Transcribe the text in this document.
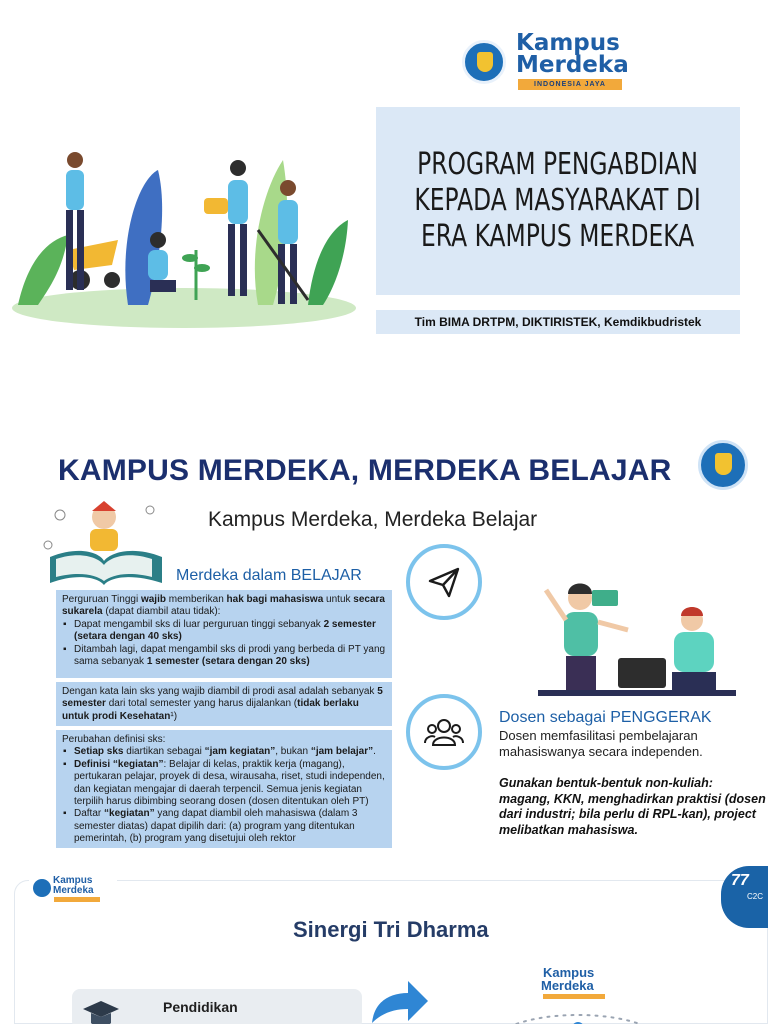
Kampus
Merdeka
INDONESIA JAYA
PROGRAM PENGABDIAN
KEPADA MASYARAKAT DI
ERA KAMPUS MERDEKA
Tim BIMA DRTPM, DIKTIRISTEK, Kemdikbudristek
KAMPUS MERDEKA, MERDEKA BELAJAR
Kampus Merdeka, Merdeka Belajar
Merdeka dalam BELAJAR
Perguruan Tinggi wajib memberikan hak bagi mahasiswa untuk secara sukarela (dapat diambil atau tidak):
▪ Dapat mengambil sks di luar perguruan tinggi sebanyak 2 semester (setara dengan 40 sks)
▪ Ditambah lagi, dapat mengambil sks di prodi yang berbeda di PT yang sama sebanyak 1 semester (setara dengan 20 sks)
Dengan kata lain sks yang wajib diambil di prodi asal adalah sebanyak 5 semester dari total semester yang harus dijalankan (tidak berlaku untuk prodi Kesehatan¹)
Perubahan definisi sks:
▪ Setiap sks diartikan sebagai “jam kegiatan”, bukan “jam belajar”.
▪ Definisi “kegiatan”: Belajar di kelas, praktik kerja (magang), pertukaran pelajar, proyek di desa, wirausaha, riset, studi independen, dan kegiatan mengajar di daerah terpencil. Semua jenis kegiatan terpilih harus dibimbing seorang dosen (dosen ditentukan oleh PT)
▪ Daftar “kegiatan” yang dapat diambil oleh mahasiswa (dalam 3 semester diatas) dapat dipilih dari: (a) program yang ditentukan pemerintah, (b) program yang disetujui oleh rektor
Dosen sebagai PENGGERAK
Dosen memfasilitasi pembelajaran mahasiswanya secara independen.
Gunakan bentuk-bentuk non-kuliah: magang, KKN, menghadirkan praktisi (dosen dari industri; bila perlu di RPL-kan), project melibatkan mahasiswa.
Kampus
Merdeka
77
C2C
Sinergi Tri Dharma
Pendidikan
Kampus
Merdeka
